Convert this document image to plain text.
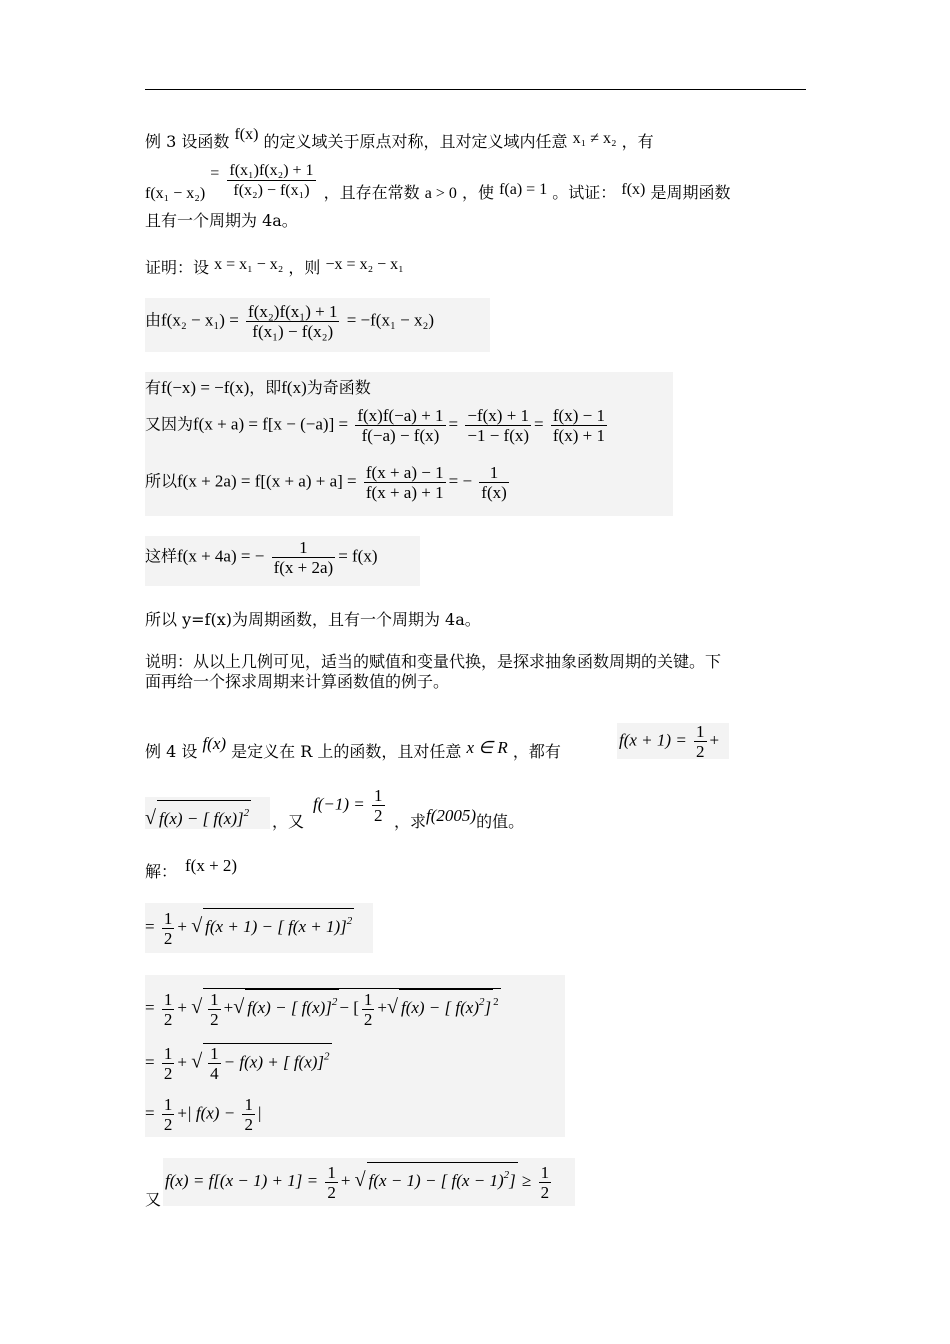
例 3 设函数 f(x) 的定义域关于原点对称，且对定义域内任意 x₁ ≠ x₂ ，有
$f(x_1 - x_2) = \frac{\text{f(x₁)f(x₂) + 1}}{\text{f(x₂) − f(x₁)}}$ ，且存在常数 a > 0 ，使 f(a) = 1 。试证： f(x) 是周期函数
且有一个周期为 4a。
证明：设 x = x₁ − x₂ ，则 −x = x₂ − x₁
由$f(x_2 - x_1) = \frac{\text{f(x₂)f(x₁) + 1}}{\text{f(x₁) − f(x₂)}} = -f(x_1 - x_2)$
有f(−x) = −f(x)，即f(x)为奇函数
又因为$f(x + a) = f[x - (-a)] = \frac{f(x)f(-a) + 1}{f(-a) - f(x)} = \frac{-f(x) + 1}{-1 - f(x)} = \frac{f(x) - 1}{f(x) + 1}$
所以$f(x + 2a) = f[(x + a) + a] = \frac{f(x + a) - 1}{f(x + a) + 1}$ = − $\frac{1}{f(x)}$
这样f(x + 4a) = − $\frac{1}{f(x + 2a)} = f(x)$
所以 y=f(x)为周期函数，且有一个周期为 4a。
说明：从以上几例可见，适当的赋值和变量代换，是探求抽象函数周期的关键。下
面再给一个探求周期来计算函数值的例子。
例 4 设 f(x) 是定义在 R 上的函数，且对任意 x ∈ R ，都有
$f(x + 1) = \frac{1}{2}$ +
√ f(x) − [ f(x)]$^2$ ，又
$f(-1) = \frac{1}{2}$ ，求f(2005)的值。
解： f(x + 2)
= $\frac{1}{2}$ + √ f(x + 1) − [ f(x + 1)]$^2$
= $\frac{1}{2}$ + √ $\frac{1}{2}$ +√ f(x) − [ f(x)]$^2$ − [ $\frac{1}{2}$ +√ f(x) − [ $f(x)^2$] $^2$
= $\frac{1}{2}$ + √ $\frac{1}{4} - f(x)$ + [ f(x)]$^2$
= $\frac{1}{2}$ +| $f(x) - \frac{1}{2}$ |
又
$f(x) = f[(x - 1) + 1] = \frac{1}{2}$ + √ f(x − 1) − [ $f(x - 1)^2] \ge \frac{1}{2}$
